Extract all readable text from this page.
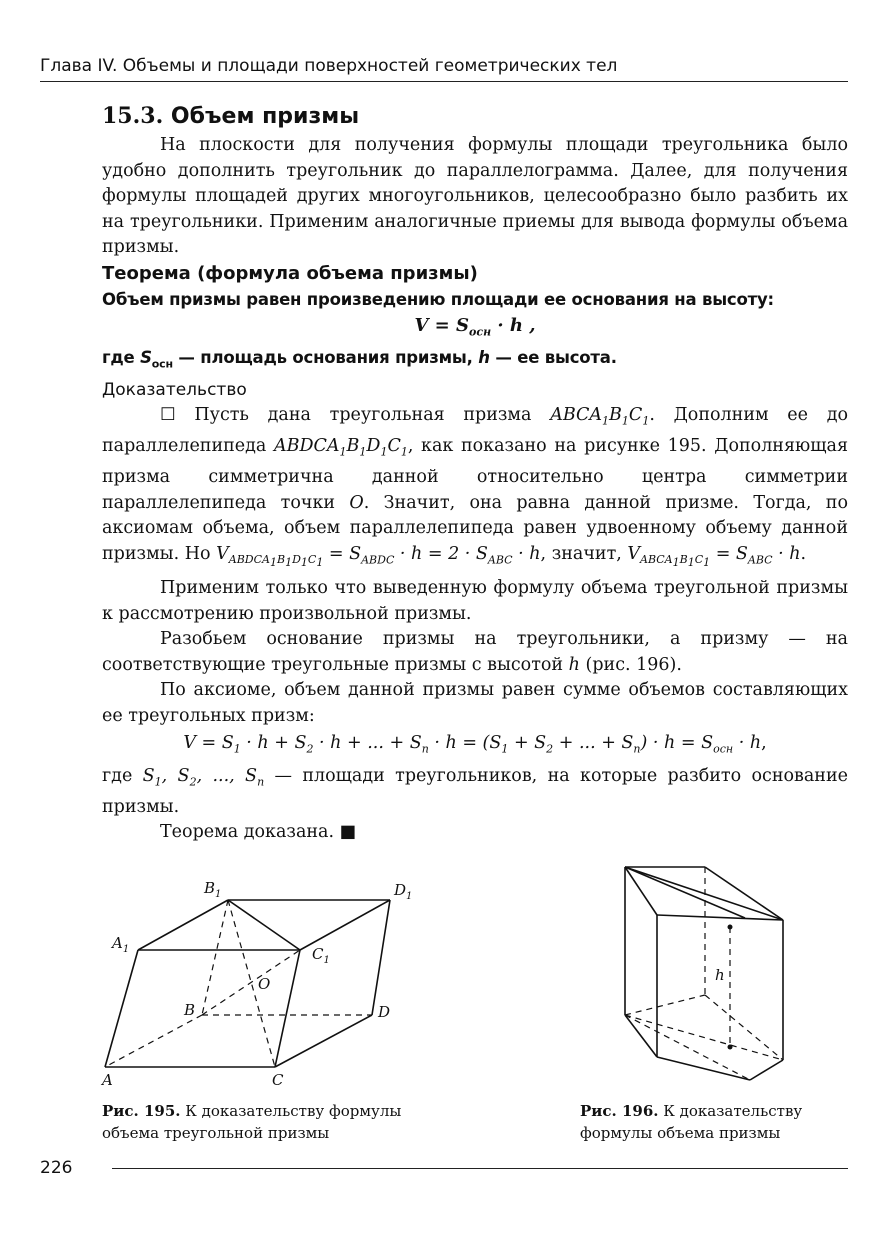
Глава IV. Объемы и площади поверхностей геометрических тел
15.3. Объем призмы

На плоскости для получения формулы площади треугольника было удобно дополнить треугольник до параллелограмма. Далее, для получения формулы площадей других многоугольников, целесообразно было разбить их на треугольники. Применим аналогичные приемы для вывода формулы объема призмы.

Теорема (формула объема призмы)
Объем призмы равен произведению площади ее основания на высоту:
$V = S_{осн} \cdot h$ ,
где $S_{осн}$ — площадь основания призмы, h — ее высота.
Доказательство

☐ Пусть дана треугольная призма $ABCA_1B_1C_1$. Дополним ее до параллелепипеда $ABDCA_1B_1D_1C_1$, как показано на рисунке 195. Дополняющая призма симметрична данной относительно центра симметрии параллелепипеда точки O. Значит, она равна данной призме. Тогда, по аксиомам объема, объем параллелепипеда равен удвоенному объему данной призмы. Но $V_{ABDCA_1B_1D_1C_1} = S_{ABDC} \cdot h = 2 \cdot S_{ABC} \cdot h$, значит, $V_{ABCA_1B_1C_1} = S_{ABC} \cdot h$.

Применим только что выведенную формулу объема треугольной призмы к рассмотрению произвольной призмы.

Разобьем основание призмы на треугольники, а призму — на соответствующие треугольные призмы с высотой h (рис. 196).

По аксиоме, объем данной призмы равен сумме объемов составляющих ее треугольных призм:

$V = S_1 \cdot h + S_2 \cdot h$ + ... + $S_n \cdot h = (S_1 + S_2$ + ... + $S_n) \cdot h = S_{осн} \cdot h$,

где $S_1$, $S_2$, ..., $S_n$ — площади треугольников, на которые разбито основание призмы.

Теорема доказана. ■

$B_1$	$D_1$
$A_1$	$C_1$
O
B	D
A	C
Рис. 195. К доказательству формулы объема треугольной призмы
h
Рис. 196. К доказательству формулы объема призмы
226
